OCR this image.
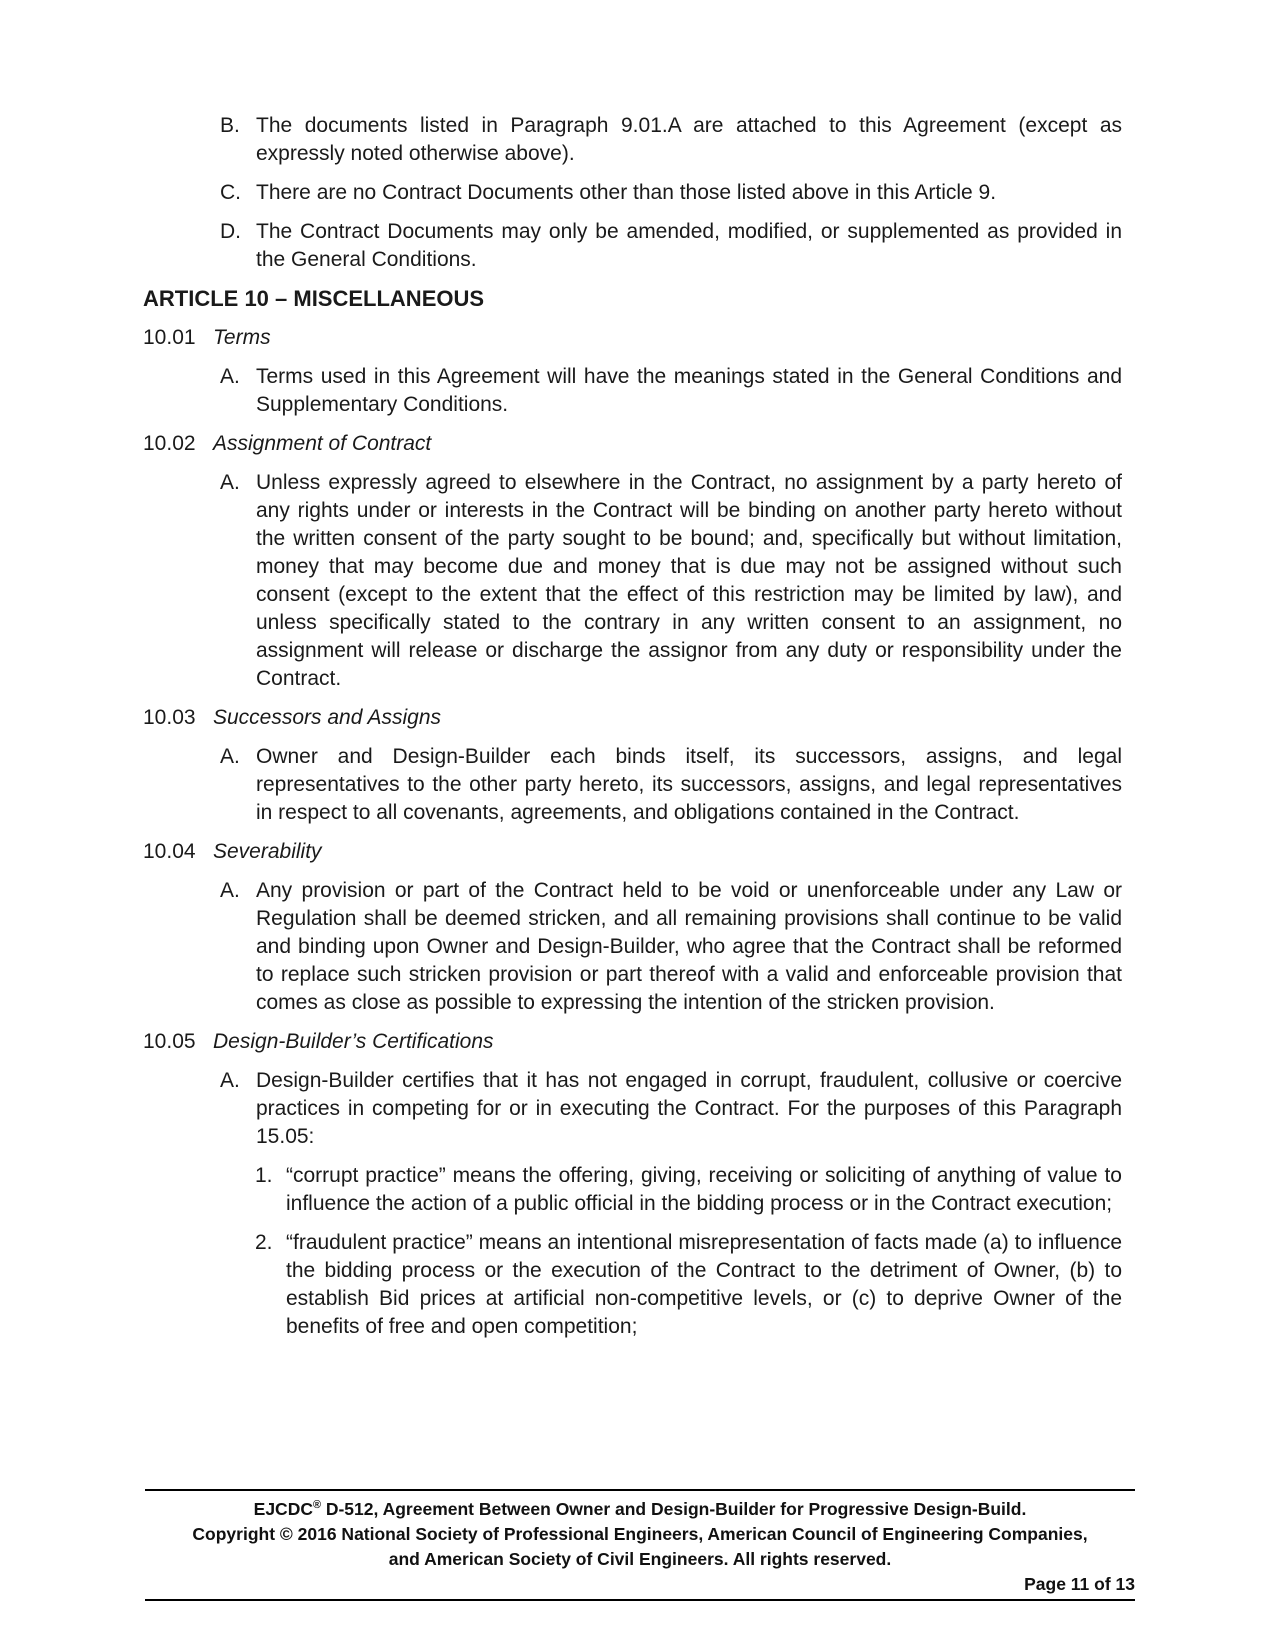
B. The documents listed in Paragraph 9.01.A are attached to this Agreement (except as expressly noted otherwise above).

C. There are no Contract Documents other than those listed above in this Article 9.

D. The Contract Documents may only be amended, modified, or supplemented as provided in the General Conditions.

ARTICLE 10 – MISCELLANEOUS
10.01 Terms
A. Terms used in this Agreement will have the meanings stated in the General Conditions and Supplementary Conditions.

10.02 Assignment of Contract
A. Unless expressly agreed to elsewhere in the Contract, no assignment by a party hereto of any rights under or interests in the Contract will be binding on another party hereto without the written consent of the party sought to be bound; and, specifically but without limitation, money that may become due and money that is due may not be assigned without such consent (except to the extent that the effect of this restriction may be limited by law), and unless specifically stated to the contrary in any written consent to an assignment, no assignment will release or discharge the assignor from any duty or responsibility under the Contract.

10.03 Successors and Assigns
A. Owner and Design-Builder each binds itself, its successors, assigns, and legal representatives to the other party hereto, its successors, assigns, and legal representatives in respect to all covenants, agreements, and obligations contained in the Contract.

10.04 Severability
A. Any provision or part of the Contract held to be void or unenforceable under any Law or Regulation shall be deemed stricken, and all remaining provisions shall continue to be valid and binding upon Owner and Design-Builder, who agree that the Contract shall be reformed to replace such stricken provision or part thereof with a valid and enforceable provision that comes as close as possible to expressing the intention of the stricken provision.

10.05 Design-Builder’s Certifications
A. Design-Builder certifies that it has not engaged in corrupt, fraudulent, collusive or coercive practices in competing for or in executing the Contract. For the purposes of this Paragraph 15.05:

1. “corrupt practice” means the offering, giving, receiving or soliciting of anything of value to influence the action of a public official in the bidding process or in the Contract execution;

2. “fraudulent practice” means an intentional misrepresentation of facts made (a) to influence the bidding process or the execution of the Contract to the detriment of Owner, (b) to establish Bid prices at artificial non-competitive levels, or (c) to deprive Owner of the benefits of free and open competition;

EJCDC® D-512, Agreement Between Owner and Design-Builder for Progressive Design-Build.
Copyright © 2016 National Society of Professional Engineers, American Council of Engineering Companies,
and American Society of Civil Engineers. All rights reserved.
Page 11 of 13
